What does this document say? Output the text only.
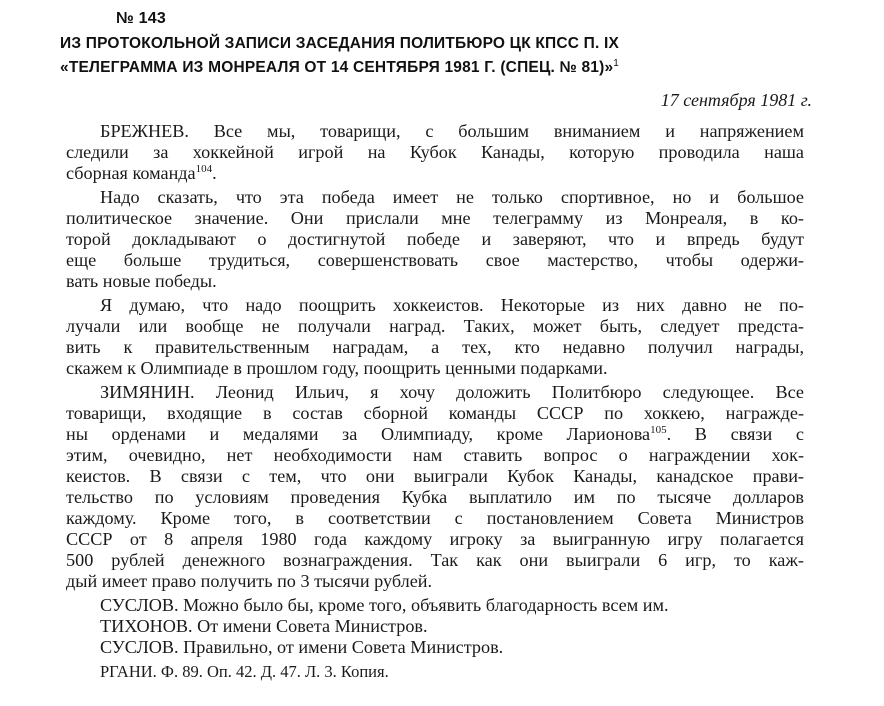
№ 143
ИЗ ПРОТОКОЛЬНОЙ ЗАПИСИ ЗАСЕДАНИЯ ПОЛИТБЮРО ЦК КПСС П. IX
«ТЕЛЕГРАММА ИЗ МОНРЕАЛЯ ОТ 14 СЕНТЯБРЯ 1981 Г. (СПЕЦ. № 81)»$^1$
17 сентября 1981 г.
БРЕЖНЕВ. Все мы, товарищи, с большим вниманием и напряжением
следили за хоккейной игрой на Кубок Канады, которую проводила наша
сборная команда$^{104}$.
Надо сказать, что эта победа имеет не только спортивное, но и большое
политическое значение. Они прислали мне телеграмму из Монреаля, в ко-
торой докладывают о достигнутой победе и заверяют, что и впредь будут
еще больше трудиться, совершенствовать свое мастерство, чтобы одержи-
вать новые победы.
Я думаю, что надо поощрить хоккеистов. Некоторые из них давно не по-
лучали или вообще не получали наград. Таких, может быть, следует предста-
вить к правительственным наградам, а тех, кто недавно получил награды,
скажем к Олимпиаде в прошлом году, поощрить ценными подарками.
ЗИМЯНИН. Леонид Ильич, я хочу доложить Политбюро следующее. Все
товарищи, входящие в состав сборной команды СССР по хоккею, награжде-
ны орденами и медалями за Олимпиаду, кроме Ларионова$^{105}$. В связи с
этим, очевидно, нет необходимости нам ставить вопрос о награждении хок-
кеистов. В связи с тем, что они выиграли Кубок Канады, канадское прави-
тельство по условиям проведения Кубка выплатило им по тысяче долларов
каждому. Кроме того, в соответствии с постановлением Совета Министров
СССР от 8 апреля 1980 года каждому игроку за выигранную игру полагается
500 рублей денежного вознаграждения. Так как они выиграли 6 игр, то каж-
дый имеет право получить по 3 тысячи рублей.
СУСЛОВ. Можно было бы, кроме того, объявить благодарность всем им.
ТИХОНОВ. От имени Совета Министров.
СУСЛОВ. Правильно, от имени Совета Министров.
РГАНИ. Ф. 89. Оп. 42. Д. 47. Л. 3. Копия.
